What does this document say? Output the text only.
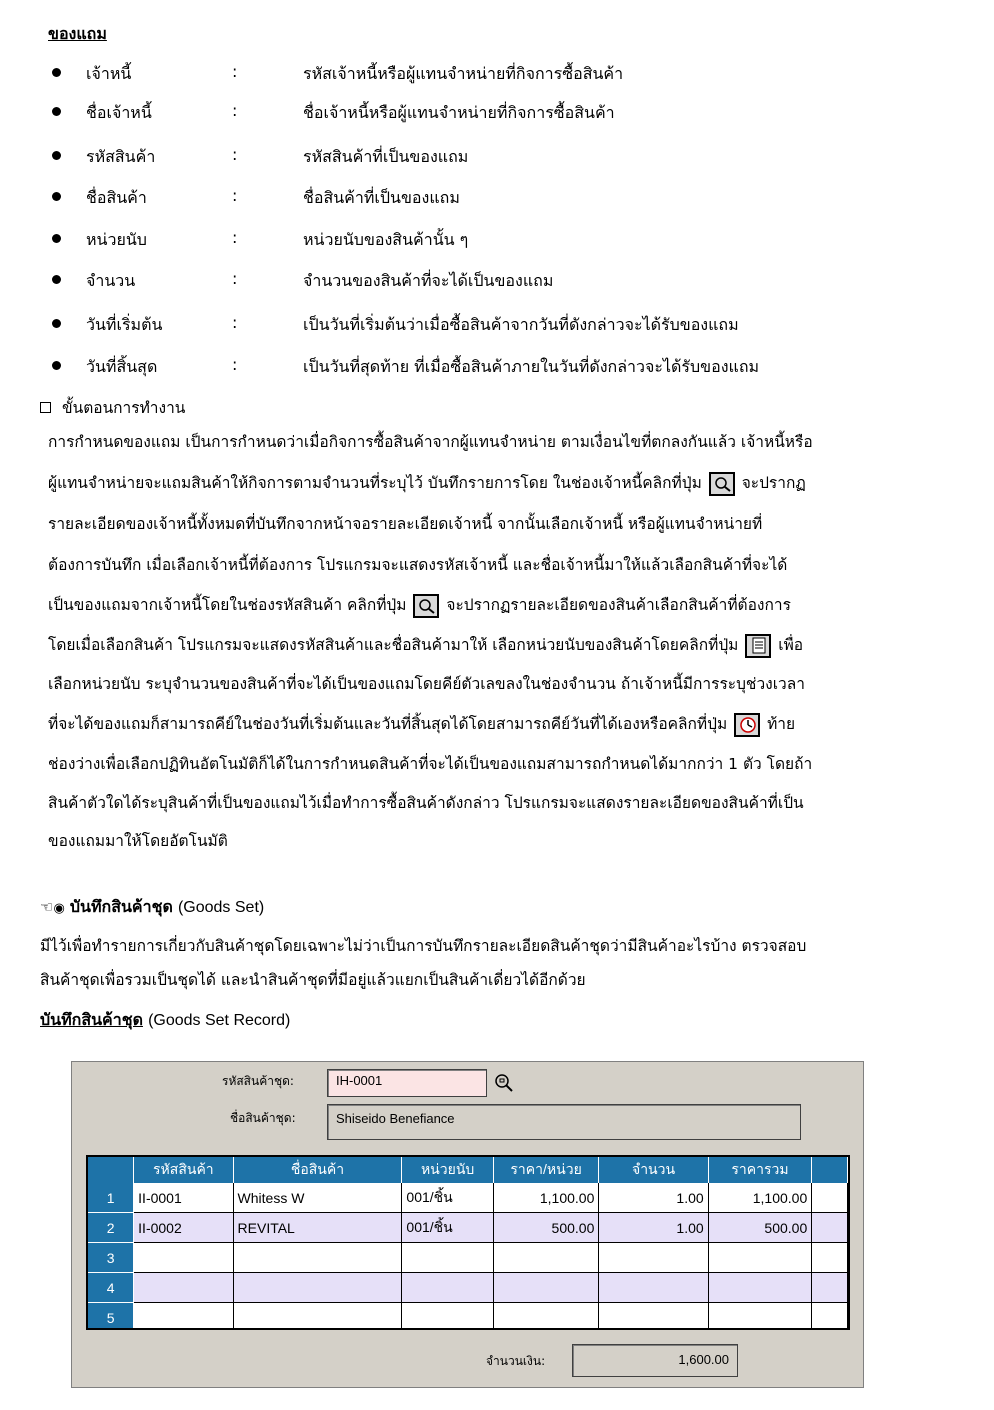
ของแถม
เจ้าหนี้	:	รหัสเจ้าหนี้หรือผู้แทนจำหน่ายที่กิจการซื้อสินค้า
ชื่อเจ้าหนี้	:	ชื่อเจ้าหนี้หรือผู้แทนจำหน่ายที่กิจการซื้อสินค้า
รหัสสินค้า	:	รหัสสินค้าที่เป็นของแถม
ชื่อสินค้า	:	ชื่อสินค้าที่เป็นของแถม
หน่วยนับ	:	หน่วยนับของสินค้านั้น ๆ
จำนวน	:	จำนวนของสินค้าที่จะได้เป็นของแถม
วันที่เริ่มต้น	:	เป็นวันที่เริ่มต้นว่าเมื่อซื้อสินค้าจากวันที่ดังกล่าวจะได้รับของแถม
วันที่สิ้นสุด	:	เป็นวันที่สุดท้าย ที่เมื่อซื้อสินค้าภายในวันที่ดังกล่าวจะได้รับของแถม
ขั้นตอนการทำงาน
การกำหนดของแถม เป็นการกำหนดว่าเมื่อกิจการซื้อสินค้าจากผู้แทนจำหน่าย ตามเงื่อนไขที่ตกลงกันแล้ว เจ้าหนี้หรือ
ผู้แทนจำหน่ายจะแถมสินค้าให้กิจการตามจำนวนที่ระบุไว้ บันทึกรายการโดย ในช่องเจ้าหนี้คลิกที่ปุ่ม	จะปรากฏ
รายละเอียดของเจ้าหนี้ทั้งหมดที่บันทึกจากหน้าจอรายละเอียดเจ้าหนี้ จากนั้นเลือกเจ้าหนี้ หรือผู้แทนจำหน่ายที่
ต้องการบันทึก เมื่อเลือกเจ้าหนี้ที่ต้องการ โปรแกรมจะแสดงรหัสเจ้าหนี้ และชื่อเจ้าหนี้มาให้แล้วเลือกสินค้าที่จะได้
เป็นของแถมจากเจ้าหนี้โดยในช่องรหัสสินค้า คลิกที่ปุ่ม	จะปรากฏรายละเอียดของสินค้าเลือกสินค้าที่ต้องการ
โดยเมื่อเลือกสินค้า โปรแกรมจะแสดงรหัสสินค้าและชื่อสินค้ามาให้ เลือกหน่วยนับของสินค้าโดยคลิกที่ปุ่ม	เพื่อ
เลือกหน่วยนับ ระบุจำนวนของสินค้าที่จะได้เป็นของแถมโดยคีย์ตัวเลขลงในช่องจำนวน ถ้าเจ้าหนี้มีการระบุช่วงเวลา
ที่จะได้ของแถมก็สามารถคีย์ในช่องวันที่เริ่มต้นและวันที่สิ้นสุดได้โดยสามารถคีย์วันที่ได้เองหรือคลิกที่ปุ่ม	ท้าย
ช่องว่างเพื่อเลือกปฏิทินอัตโนมัติก็ได้ในการกำหนดสินค้าที่จะได้เป็นของแถมสามารถกำหนดได้มากกว่า 1 ตัว โดยถ้า
สินค้าตัวใดได้ระบุสินค้าที่เป็นของแถมไว้เมื่อทำการซื้อสินค้าดังกล่าว โปรแกรมจะแสดงรายละเอียดของสินค้าที่เป็น
ของแถมมาให้โดยอัตโนมัติ
☜◉ บันทึกสินค้าชุด (Goods Set)
มีไว้เพื่อทำรายการเกี่ยวกับสินค้าชุดโดยเฉพาะไม่ว่าเป็นการบันทึกรายละเอียดสินค้าชุดว่ามีสินค้าอะไรบ้าง ตรวจสอบ
สินค้าชุดเพื่อรวมเป็นชุดได้ และนำสินค้าชุดที่มีอยู่แล้วแยกเป็นสินค้าเดี่ยวได้อีกด้วย
บันทึกสินค้าชุด (Goods Set Record)
รหัสสินค้าชุด:	IH-0001
ชื่อสินค้าชุด:	Shiseido Benefiance
	รหัสสินค้า	ชื่อสินค้า	หน่วยนับ	ราคา/หน่วย	จำนวน	ราคารวม	
1	II-0001	Whitess W	001/ชิ้น	1,100.00	1.00	1,100.00	
2	II-0002	REVITAL	001/ชิ้น	500.00	1.00	500.00	
3							
4							
5							
จำนวนเงิน:	1,600.00
